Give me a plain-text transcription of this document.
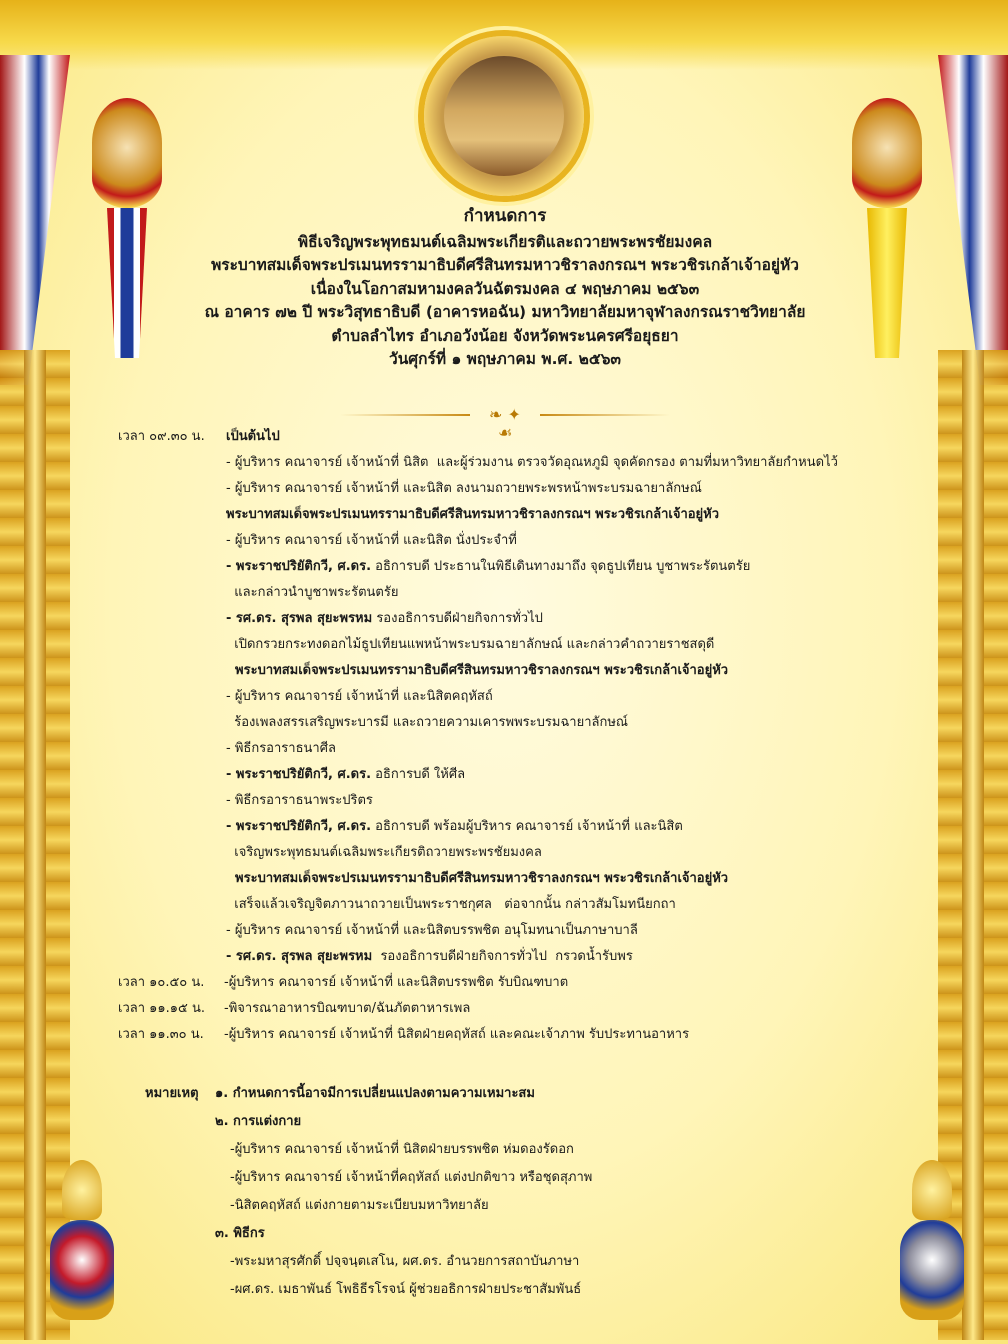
กำหนดการ
พิธีเจริญพระพุทธมนต์เฉลิมพระเกียรติและถวายพระพรชัยมงคล
พระบาทสมเด็จพระปรเมนทรรามาธิบดีศรีสินทรมหาวชิราลงกรณฯ พระวชิรเกล้าเจ้าอยู่หัว
เนื่องในโอกาสมหามงคลวันฉัตรมงคล ๔ พฤษภาคม ๒๕๖๓
ณ อาคาร ๗๒ ปี พระวิสุทธาธิบดี (อาคารหอฉัน) มหาวิทยาลัยมหาจุฬาลงกรณราชวิทยาลัย
ตำบลลำไทร อำเภอวังน้อย จังหวัดพระนครศรีอยุธยา
วันศุกร์ที่ ๑ พฤษภาคม พ.ศ. ๒๕๖๓
❧ ✦ ☙
เวลา ๐๙.๓๐ น. เป็นต้นไป
- ผู้บริหาร คณาจารย์ เจ้าหน้าที่ นิสิต  และผู้ร่วมงาน ตรวจวัดอุณหภูมิ จุดคัดกรอง ตามที่มหาวิทยาลัยกำหนดไว้
- ผู้บริหาร คณาจารย์ เจ้าหน้าที่ และนิสิต ลงนามถวายพระพรหน้าพระบรมฉายาลักษณ์
พระบาทสมเด็จพระปรเมนทรรามาธิบดีศรีสินทรมหาวชิราลงกรณฯ พระวชิรเกล้าเจ้าอยู่หัว
- ผู้บริหาร คณาจารย์ เจ้าหน้าที่ และนิสิต นั่งประจำที่
- พระราชปริยัติกวี, ศ.ดร. อธิการบดี ประธานในพิธีเดินทางมาถึง จุดธูปเทียน บูชาพระรัตนตรัย
และกล่าวนำบูชาพระรัตนตรัย
- รศ.ดร. สุรพล สุยะพรหม รองอธิการบดีฝ่ายกิจการทั่วไป
เปิดกรวยกระทงดอกไม้ธูปเทียนแพหน้าพระบรมฉายาลักษณ์ และกล่าวคำถวายราชสดุดี
พระบาทสมเด็จพระปรเมนทรรามาธิบดีศรีสินทรมหาวชิราลงกรณฯ พระวชิรเกล้าเจ้าอยู่หัว
- ผู้บริหาร คณาจารย์ เจ้าหน้าที่ และนิสิตคฤหัสถ์
ร้องเพลงสรรเสริญพระบารมี และถวายความเคารพพระบรมฉายาลักษณ์
- พิธีกรอาราธนาศีล
- พระราชปริยัติกวี, ศ.ดร. อธิการบดี ให้ศีล
- พิธีกรอาราธนาพระปริตร
- พระราชปริยัติกวี, ศ.ดร. อธิการบดี พร้อมผู้บริหาร คณาจารย์ เจ้าหน้าที่ และนิสิต
เจริญพระพุทธมนต์เฉลิมพระเกียรติถวายพระพรชัยมงคล
พระบาทสมเด็จพระปรเมนทรรามาธิบดีศรีสินทรมหาวชิราลงกรณฯ พระวชิรเกล้าเจ้าอยู่หัว
เสร็จแล้วเจริญจิตภาวนาถวายเป็นพระราชกุศล   ต่อจากนั้น กล่าวสัมโมทนียกถา
- ผู้บริหาร คณาจารย์ เจ้าหน้าที่ และนิสิตบรรพชิต อนุโมทนาเป็นภาษาบาลี
- รศ.ดร. สุรพล สุยะพรหม  รองอธิการบดีฝ่ายกิจการทั่วไป  กรวดน้ำรับพร
เวลา ๑๐.๕๐ น. -ผู้บริหาร คณาจารย์ เจ้าหน้าที่ และนิสิตบรรพชิต รับบิณฑบาต
เวลา ๑๑.๑๕ น. -พิจารณาอาหารบิณฑบาต/ฉันภัตตาหารเพล
เวลา ๑๑.๓๐ น. -ผู้บริหาร คณาจารย์ เจ้าหน้าที่ นิสิตฝ่ายคฤหัสถ์ และคณะเจ้าภาพ รับประทานอาหาร
หมายเหตุ ๑. กำหนดการนี้อาจมีการเปลี่ยนแปลงตามความเหมาะสม
๒. การแต่งกาย
-ผู้บริหาร คณาจารย์ เจ้าหน้าที่ นิสิตฝ่ายบรรพชิต ห่มดองรัดอก
-ผู้บริหาร คณาจารย์ เจ้าหน้าที่คฤหัสถ์ แต่งปกติขาว หรือชุดสุภาพ
-นิสิตคฤหัสถ์ แต่งกายตามระเบียบมหาวิทยาลัย
๓. พิธีกร
-พระมหาสุรศักดิ์ ปจฺจนฺตเสโน, ผศ.ดร. อำนวยการสถาบันภาษา
-ผศ.ดร. เมธาพันธ์ โพธิธีรโรจน์ ผู้ช่วยอธิการฝ่ายประชาสัมพันธ์
